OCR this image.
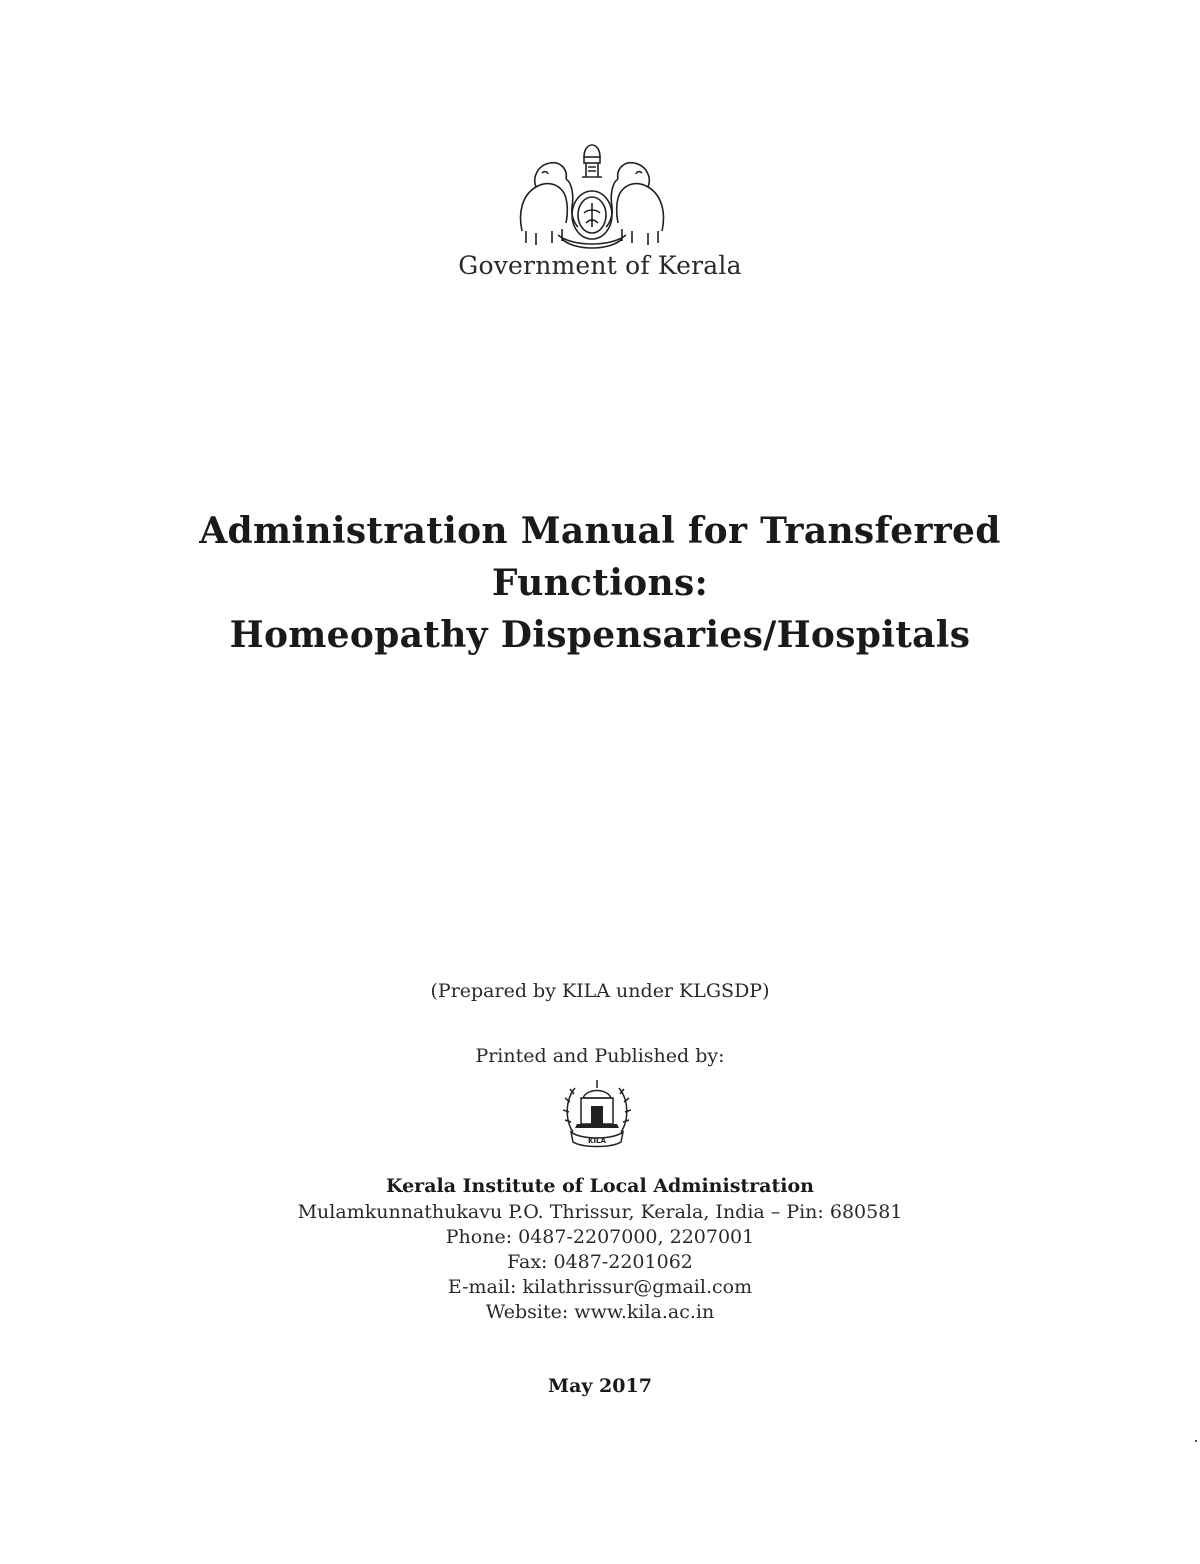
Government of Kerala
Administration Manual for Transferred
Functions:
Homeopathy Dispensaries/Hospitals
(Prepared by KILA under KLGSDP)
Printed and Published by:
KILA
Kerala Institute of Local Administration
Mulamkunnathukavu P.O. Thrissur, Kerala, India – Pin: 680581
Phone: 0487-2207000, 2207001
Fax: 0487-2201062
E-mail: kilathrissur@gmail.com
Website: www.kila.ac.in
May 2017
